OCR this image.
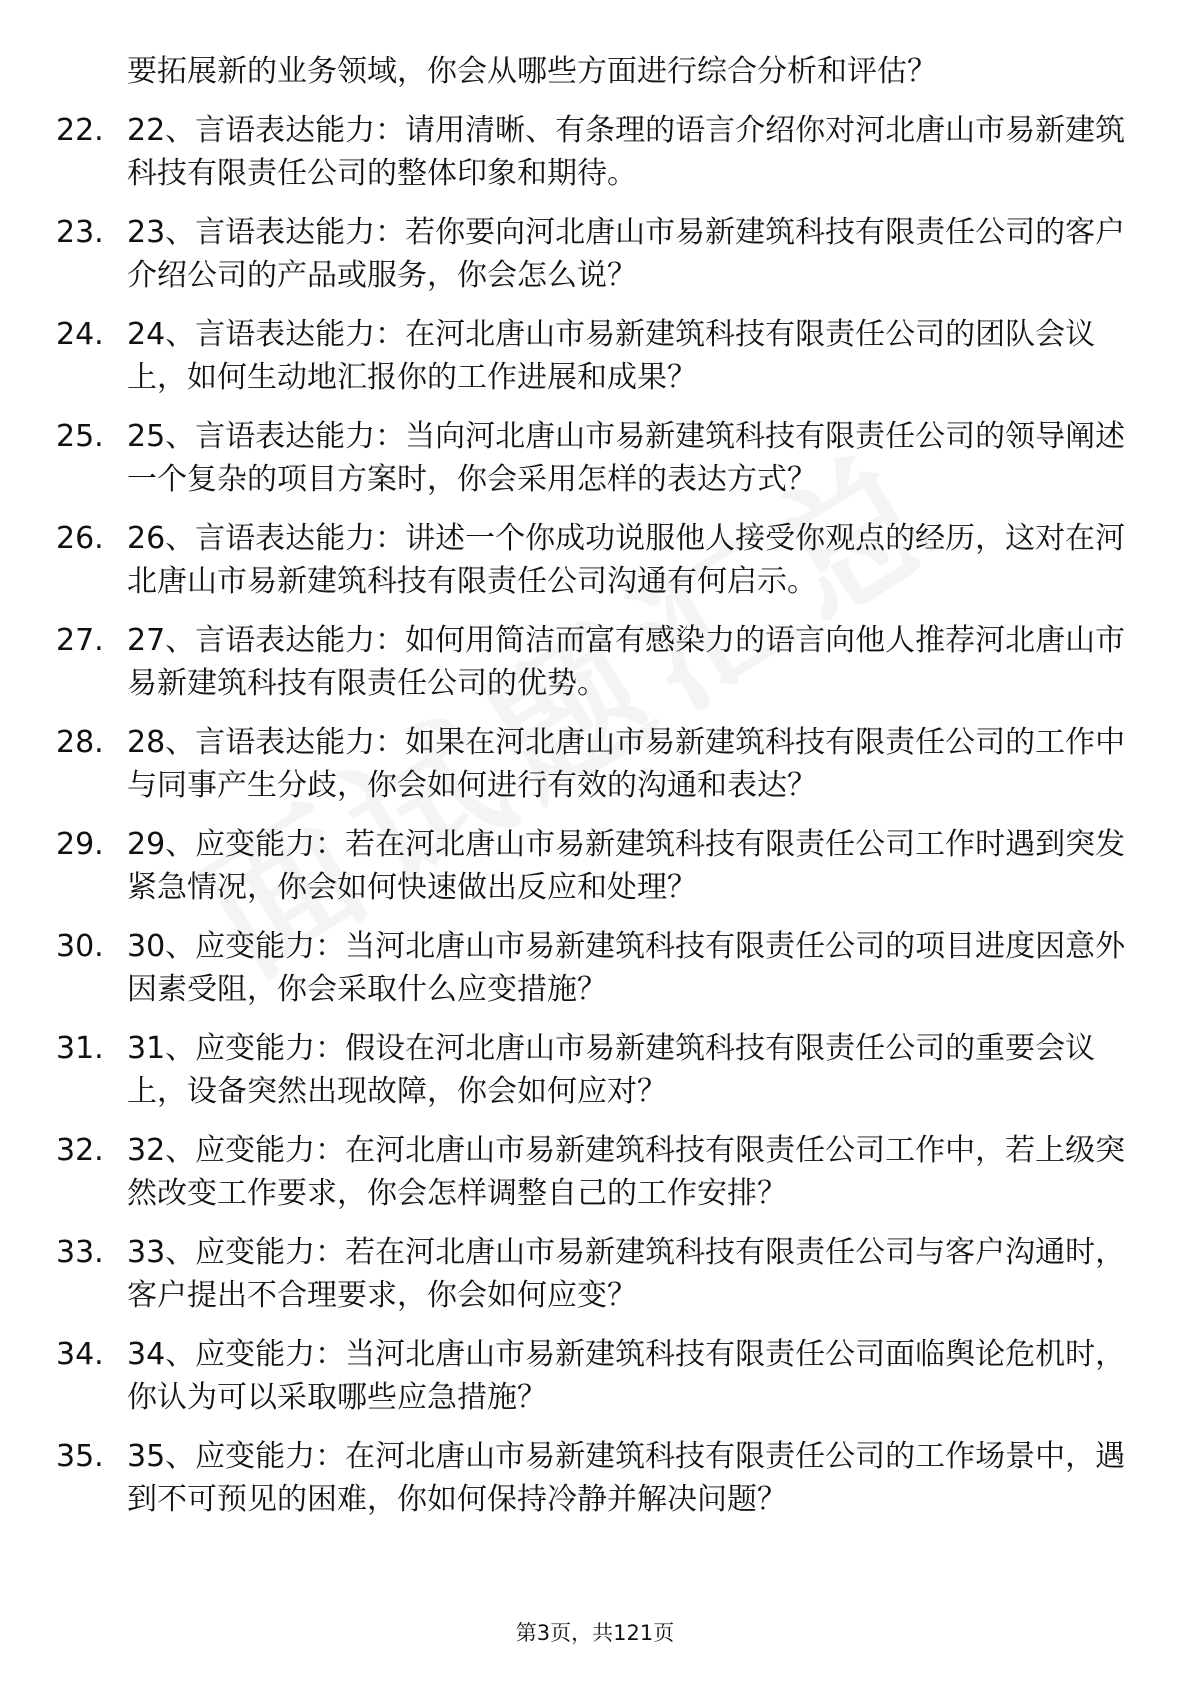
要拓展新的业务领域，你会从哪些方面进行综合分析和评估？
22. 22、言语表达能力：请用清晰、有条理的语言介绍你对河北唐山市易新建筑科技有限责任公司的整体印象和期待。
23. 23、言语表达能力：若你要向河北唐山市易新建筑科技有限责任公司的客户介绍公司的产品或服务，你会怎么说？
24. 24、言语表达能力：在河北唐山市易新建筑科技有限责任公司的团队会议上，如何生动地汇报你的工作进展和成果？
25. 25、言语表达能力：当向河北唐山市易新建筑科技有限责任公司的领导阐述一个复杂的项目方案时，你会采用怎样的表达方式？
26. 26、言语表达能力：讲述一个你成功说服他人接受你观点的经历，这对在河北唐山市易新建筑科技有限责任公司沟通有何启示。
27. 27、言语表达能力：如何用简洁而富有感染力的语言向他人推荐河北唐山市易新建筑科技有限责任公司的优势。
28. 28、言语表达能力：如果在河北唐山市易新建筑科技有限责任公司的工作中与同事产生分歧，你会如何进行有效的沟通和表达？
29. 29、应变能力：若在河北唐山市易新建筑科技有限责任公司工作时遇到突发紧急情况，你会如何快速做出反应和处理？
30. 30、应变能力：当河北唐山市易新建筑科技有限责任公司的项目进度因意外因素受阻，你会采取什么应变措施？
31. 31、应变能力：假设在河北唐山市易新建筑科技有限责任公司的重要会议上，设备突然出现故障，你会如何应对？
32. 32、应变能力：在河北唐山市易新建筑科技有限责任公司工作中，若上级突然改变工作要求，你会怎样调整自己的工作安排？
33. 33、应变能力：若在河北唐山市易新建筑科技有限责任公司与客户沟通时，客户提出不合理要求，你会如何应变？
34. 34、应变能力：当河北唐山市易新建筑科技有限责任公司面临舆论危机时，你认为可以采取哪些应急措施？
35. 35、应变能力：在河北唐山市易新建筑科技有限责任公司的工作场景中，遇到不可预见的困难，你如何保持冷静并解决问题？
第3页，共121页
